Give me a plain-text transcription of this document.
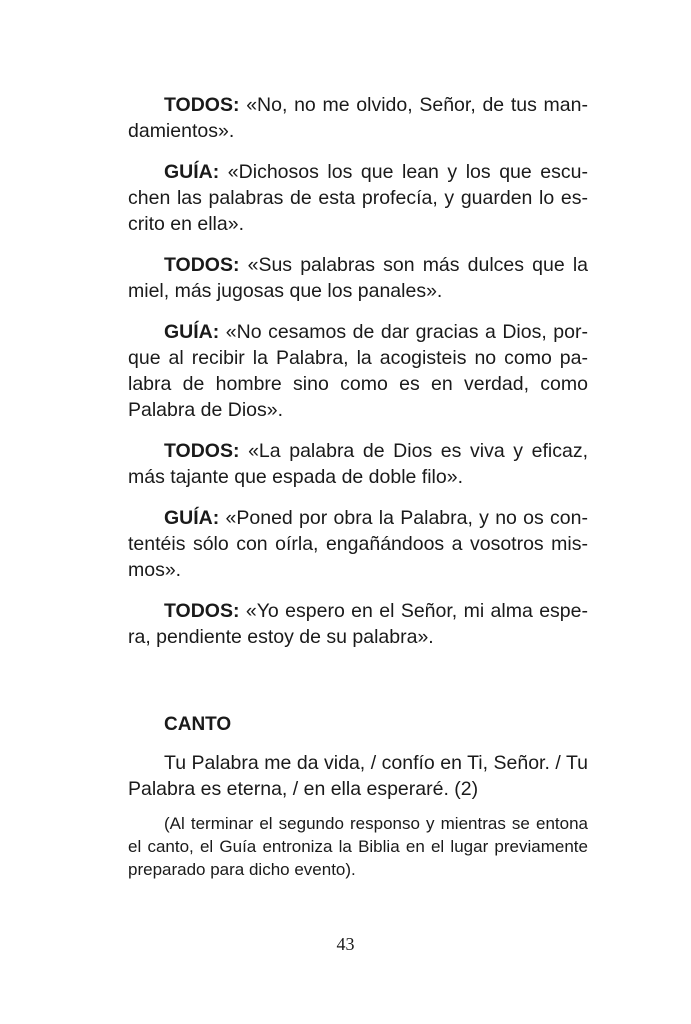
TODOS: «No, no me olvido, Señor, de tus mandamientos».

GUÍA: «Dichosos los que lean y los que escuchen las palabras de esta profecía, y guarden lo escrito en ella».

TODOS: «Sus palabras son más dulces que la miel, más jugosas que los panales».

GUÍA: «No cesamos de dar gracias a Dios, porque al recibir la Palabra, la acogisteis no como palabra de hombre sino como es en verdad, como Palabra de Dios».

TODOS: «La palabra de Dios es viva y eficaz, más tajante que espada de doble filo».

GUÍA: «Poned por obra la Palabra, y no os contentéis sólo con oírla, engañándoos a vosotros mismos».

TODOS: «Yo espero en el Señor, mi alma espera, pendiente estoy de su palabra».

CANTO

Tu Palabra me da vida, / confío en Ti, Señor. / Tu Palabra es eterna, / en ella esperaré. (2)

(Al terminar el segundo responso y mientras se entona el canto, el Guía entroniza la Biblia en el lugar previamente preparado para dicho evento).

43
